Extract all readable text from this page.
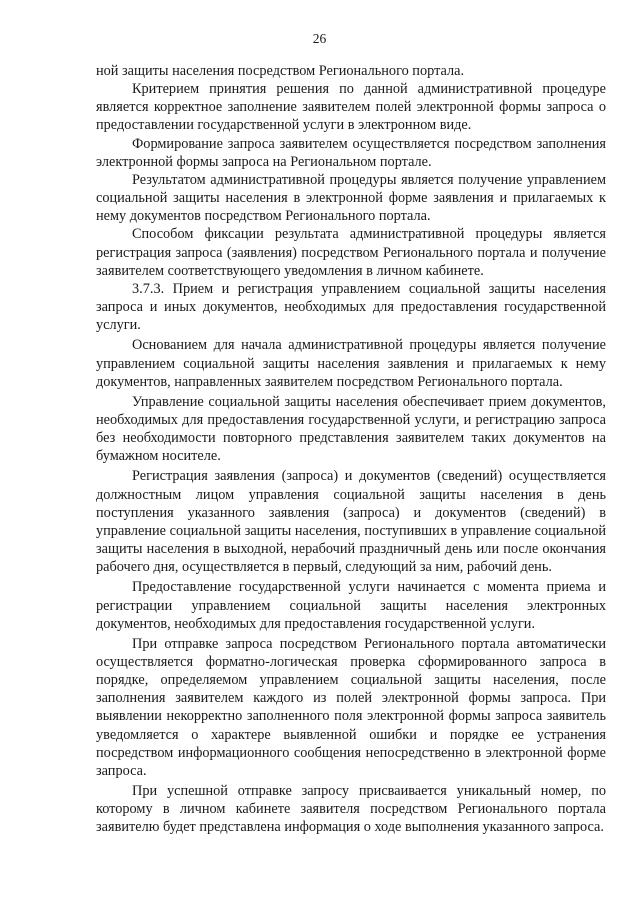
26

ной защиты населения посредством Регионального портала.

Критерием принятия решения по данной административной процедуре является корректное заполнение заявителем полей электронной формы запроса о предоставлении государственной услуги в электронном виде.

Формирование запроса заявителем осуществляется посредством заполнения электронной формы запроса на Региональном портале.

Результатом административной процедуры является получение управлением социальной защиты населения в электронной форме заявления и прилагаемых к нему документов посредством Регионального портала.

Способом фиксации результата административной процедуры является регистрация запроса (заявления) посредством Регионального портала и получение заявителем соответствующего уведомления в личном кабинете.

3.7.3. Прием и регистрация управлением социальной защиты населения запроса и иных документов, необходимых для предоставления государственной услуги.

Основанием для начала административной процедуры является получение управлением социальной защиты населения заявления и прилагаемых к нему документов, направленных заявителем посредством Регионального портала.

Управление социальной защиты населения обеспечивает прием документов, необходимых для предоставления государственной услуги, и регистрацию запроса без необходимости повторного представления заявителем таких документов на бумажном носителе.

Регистрация заявления (запроса) и документов (сведений) осуществляется должностным лицом управления социальной защиты населения в день поступления указанного заявления (запроса) и документов (сведений) в управление социальной защиты населения, поступивших в управление социальной защиты населения в выходной, нерабочий праздничный день или после окончания рабочего дня, осуществляется в первый, следующий за ним, рабочий день.

Предоставление государственной услуги начинается с момента приема и регистрации управлением социальной защиты населения электронных документов, необходимых для предоставления государственной услуги.

При отправке запроса посредством Регионального портала автоматически осуществляется форматно-логическая проверка сформированного запроса в порядке, определяемом управлением социальной защиты населения, после заполнения заявителем каждого из полей электронной формы запроса. При выявлении некорректно заполненного поля электронной формы запроса заявитель уведомляется о характере выявленной ошибки и порядке ее устранения посредством информационного сообщения непосредственно в электронной форме запроса.

При успешной отправке запросу присваивается уникальный номер, по которому в личном кабинете заявителя посредством Регионального портала заявителю будет представлена информация о ходе выполнения указанного запроса.
